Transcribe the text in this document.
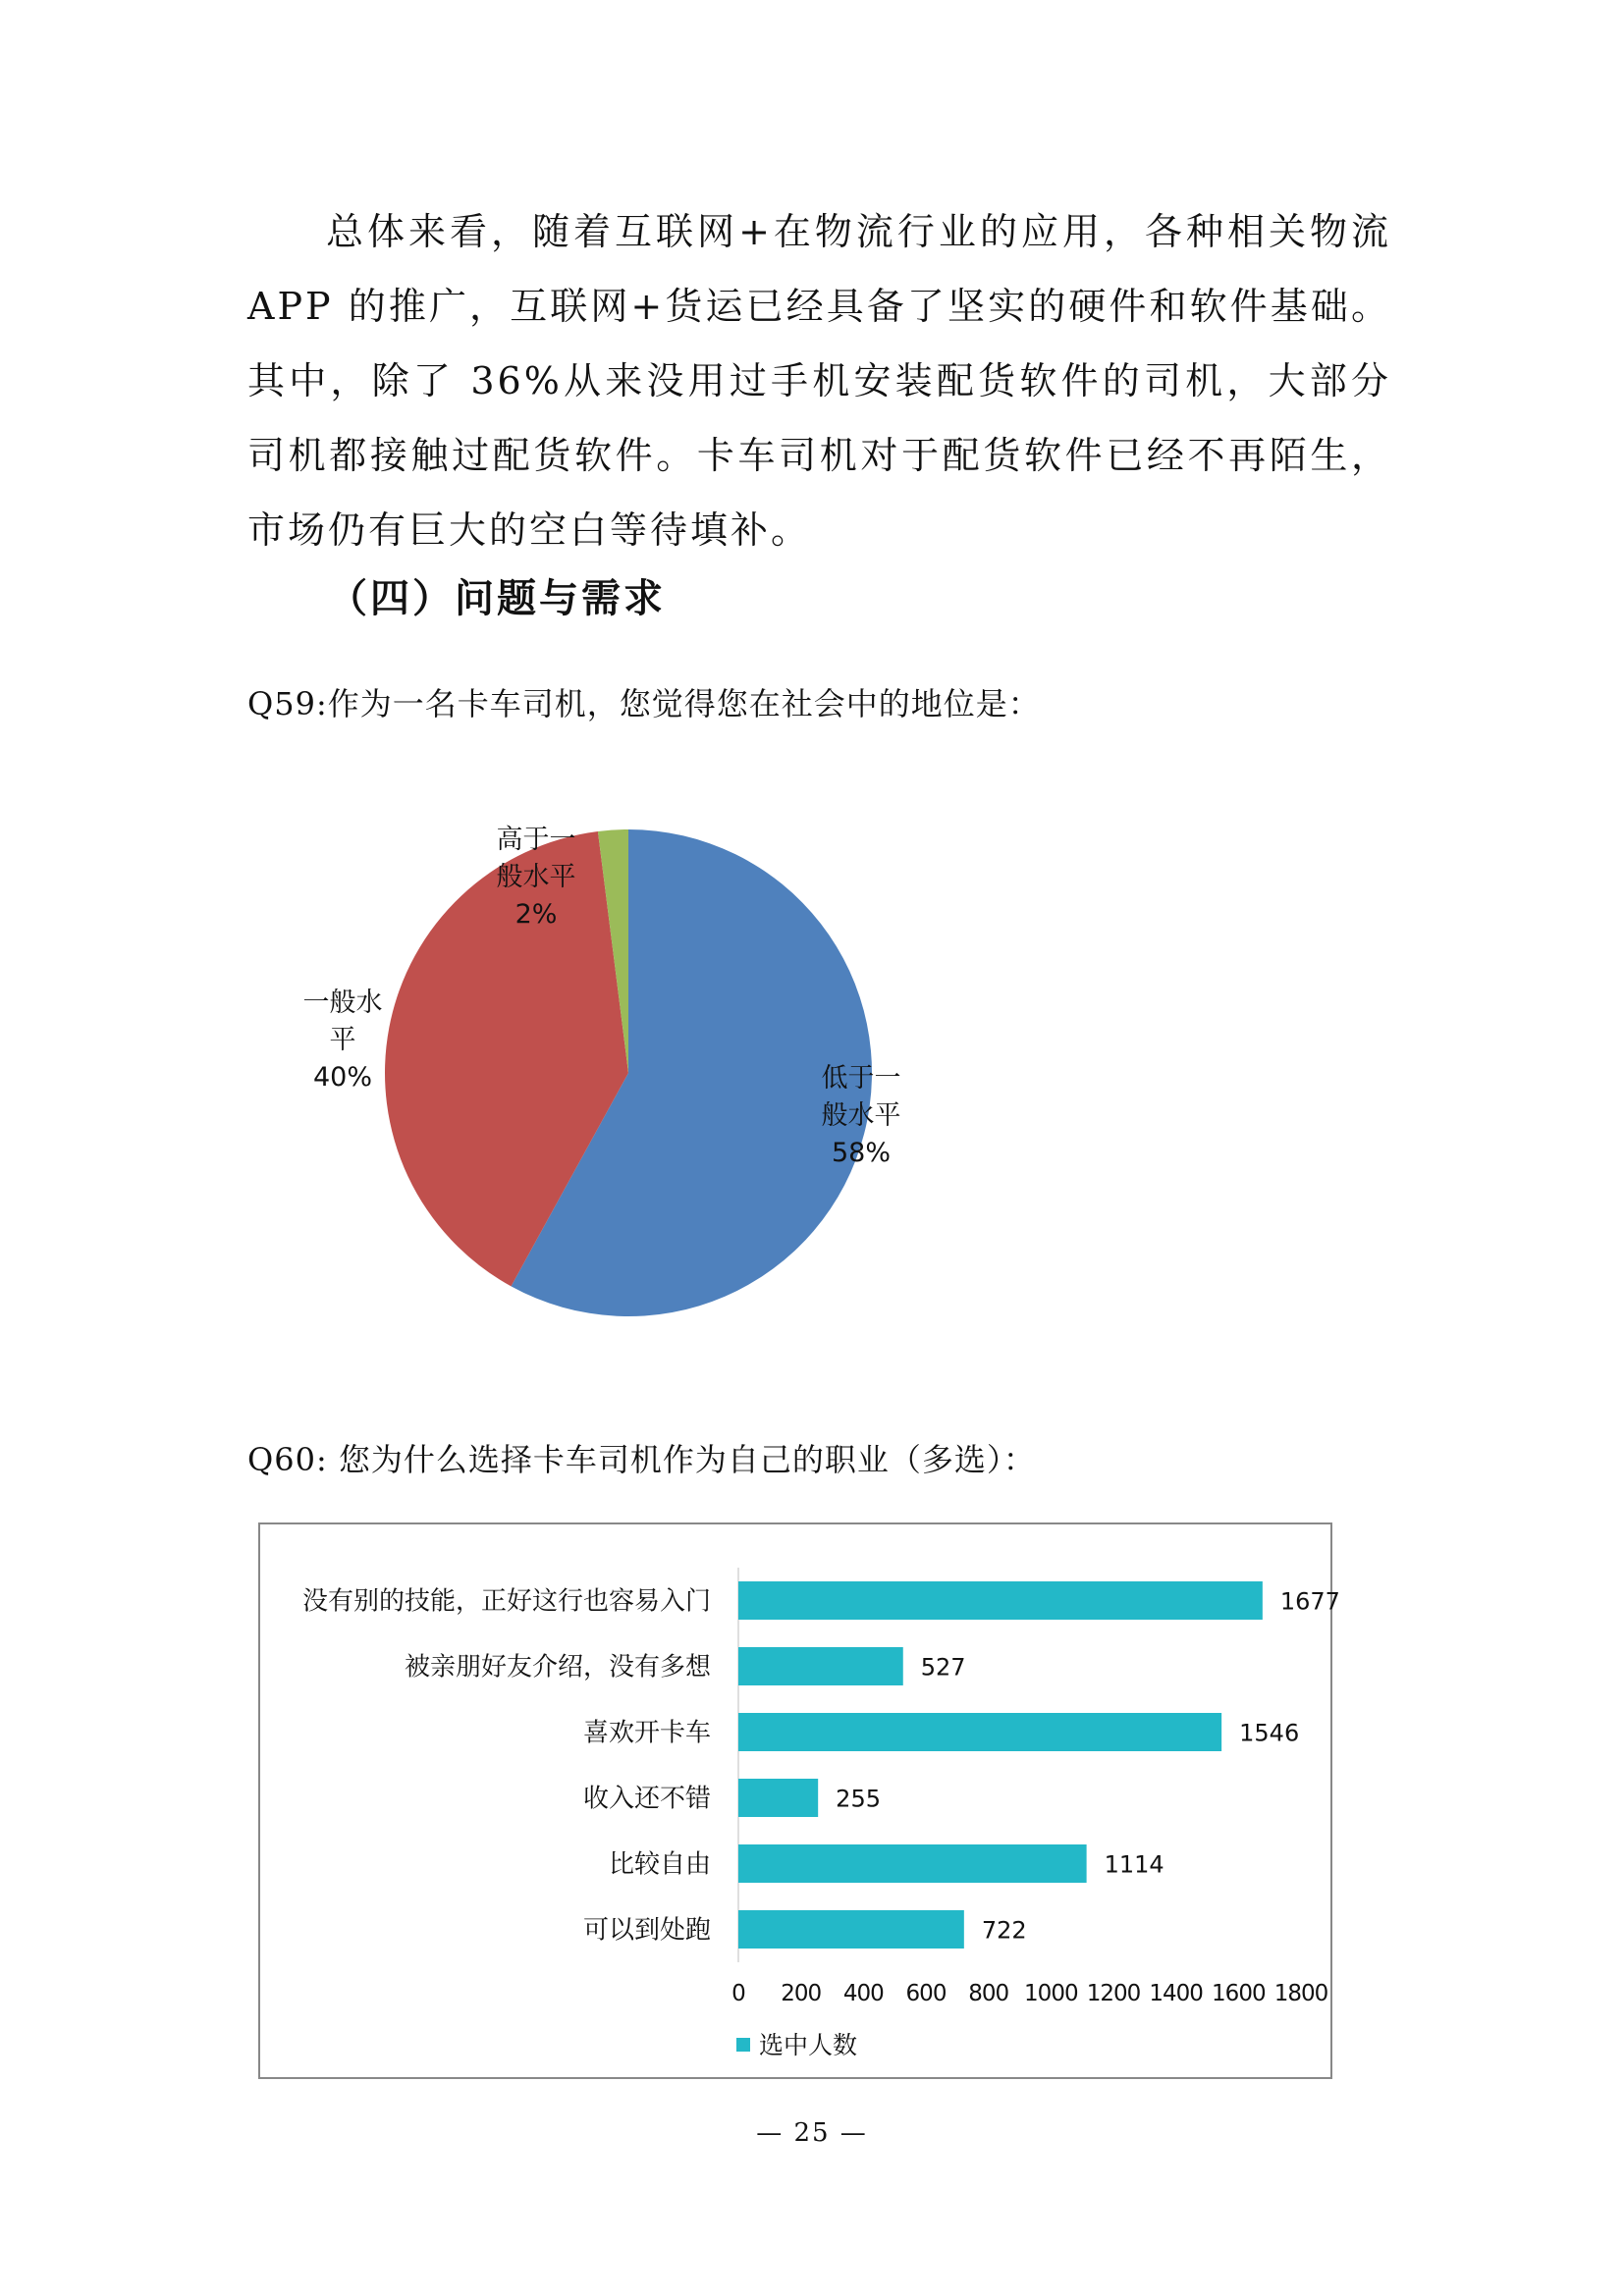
总体来看，随着互联网+在物流行业的应用，各种相关物流 APP 的推广，互联网+货运已经具备了坚实的硬件和软件基础。其中，除了 36%从来没用过手机安装配货软件的司机，大部分司机都接触过配货软件。卡车司机对于配货软件已经不再陌生，市场仍有巨大的空白等待填补。

（四）问题与需求
Q59:作为一名卡车司机，您觉得您在社会中的地位是：
低于一
般水平
58%
一般水
平
40%
高于一
般水平
2%
Q60: 您为什么选择卡车司机作为自己的职业（多选）：
没有别的技能，正好这行也容易入门	1677
被亲朋好友介绍，没有多想	527
喜欢开卡车	1546
收入还不错	255
比较自由	1114
可以到处跑	722
0 200 400 600 800 1000 1200 1400 1600 1800
选中人数
— 25 —
